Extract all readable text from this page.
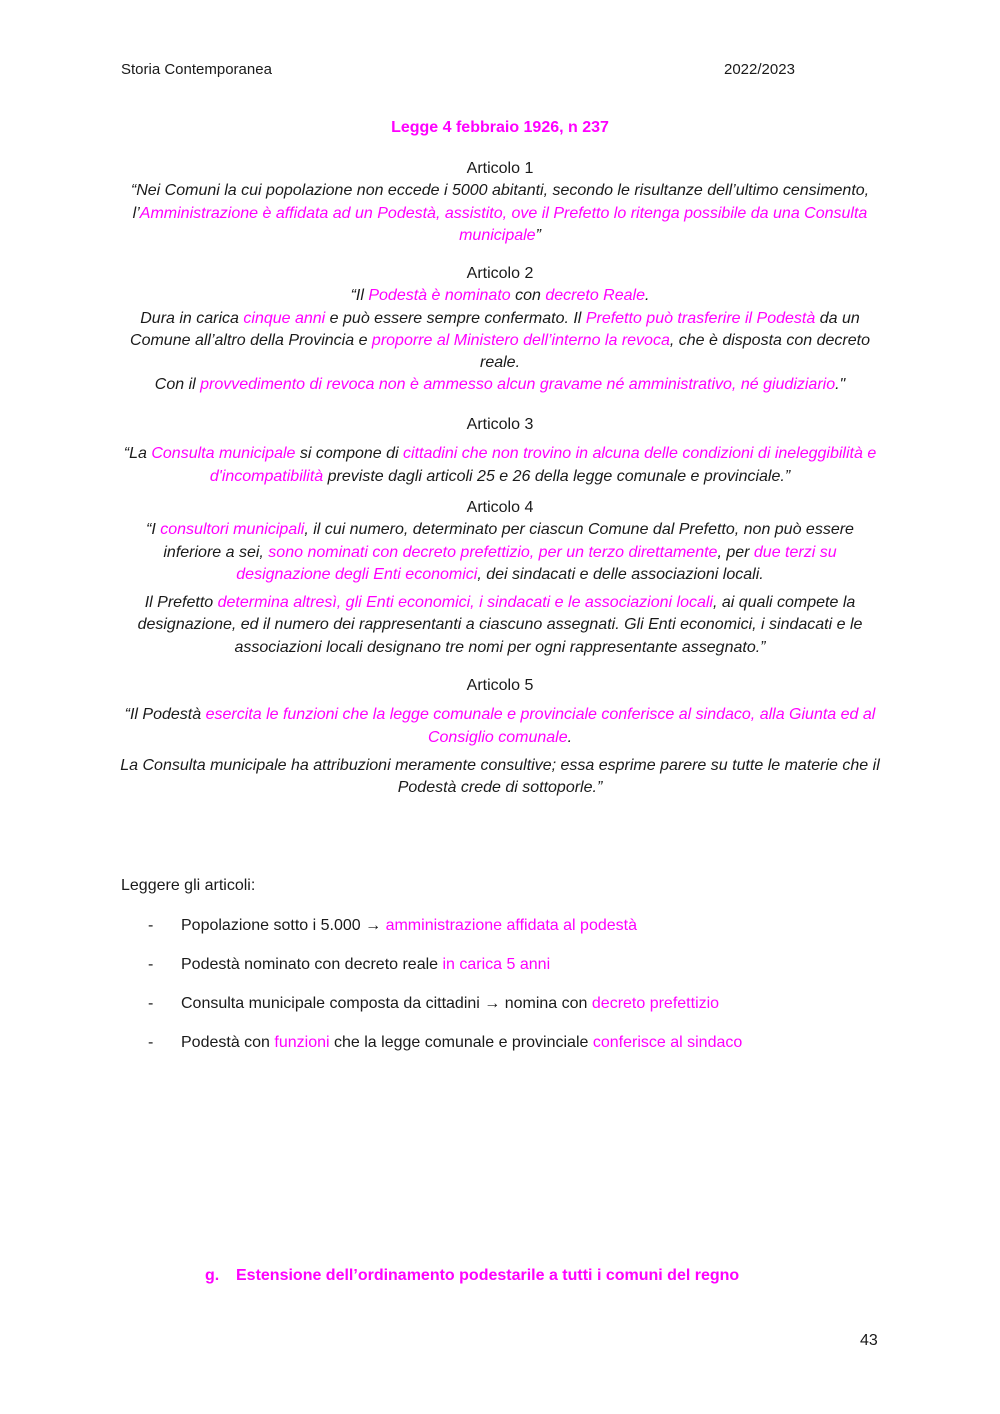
Storia Contemporanea	2022/2023
Legge 4 febbraio 1926, n 237
Articolo 1

“Nei Comuni la cui popolazione non eccede i 5000 abitanti, secondo le risultanze dell’ultimo censimento, l’Amministrazione è affidata ad un Podestà, assistito, ove il Prefetto lo ritenga possibile da una Consulta municipale”

Articolo 2

“Il Podestà è nominato con decreto Reale.

Dura in carica cinque anni e può essere sempre confermato. Il Prefetto può trasferire il Podestà da un Comune all’altro della Provincia e proporre al Ministero dell’interno la revoca, che è disposta con decreto reale.

Con il provvedimento di revoca non è ammesso alcun gravame né amministrativo, né giudiziario."

Articolo 3

“La Consulta municipale si compone di cittadini che non trovino in alcuna delle condizioni di ineleggibilità e d'incompatibilità previste dagli articoli 25 e 26 della legge comunale e provinciale.”

Articolo 4

“I consultori municipali, il cui numero, determinato per ciascun Comune dal Prefetto, non può essere inferiore a sei, sono nominati con decreto prefettizio, per un terzo direttamente, per due terzi su designazione degli Enti economici, dei sindacati e delle associazioni locali.

Il Prefetto determina altresì, gli Enti economici, i sindacati e le associazioni locali, ai quali compete la designazione, ed il numero dei rappresentanti a ciascuno assegnati. Gli Enti economici, i sindacati e le associazioni locali designano tre nomi per ogni rappresentante assegnato.”

Articolo 5

“Il Podestà esercita le funzioni che la legge comunale e provinciale conferisce al sindaco, alla Giunta ed al Consiglio comunale.

La Consulta municipale ha attribuzioni meramente consultive; essa esprime parere su tutte le materie che il Podestà crede di sottoporle.”

Leggere gli articoli:
- Popolazione sotto i 5.000 → amministrazione affidata al podestà
- Podestà nominato con decreto reale in carica 5 anni
- Consulta municipale composta da cittadini → nomina con decreto prefettizio
- Podestà con funzioni che la legge comunale e provinciale conferisce al sindaco
g. Estensione dell’ordinamento podestarile a tutti i comuni del regno
43
